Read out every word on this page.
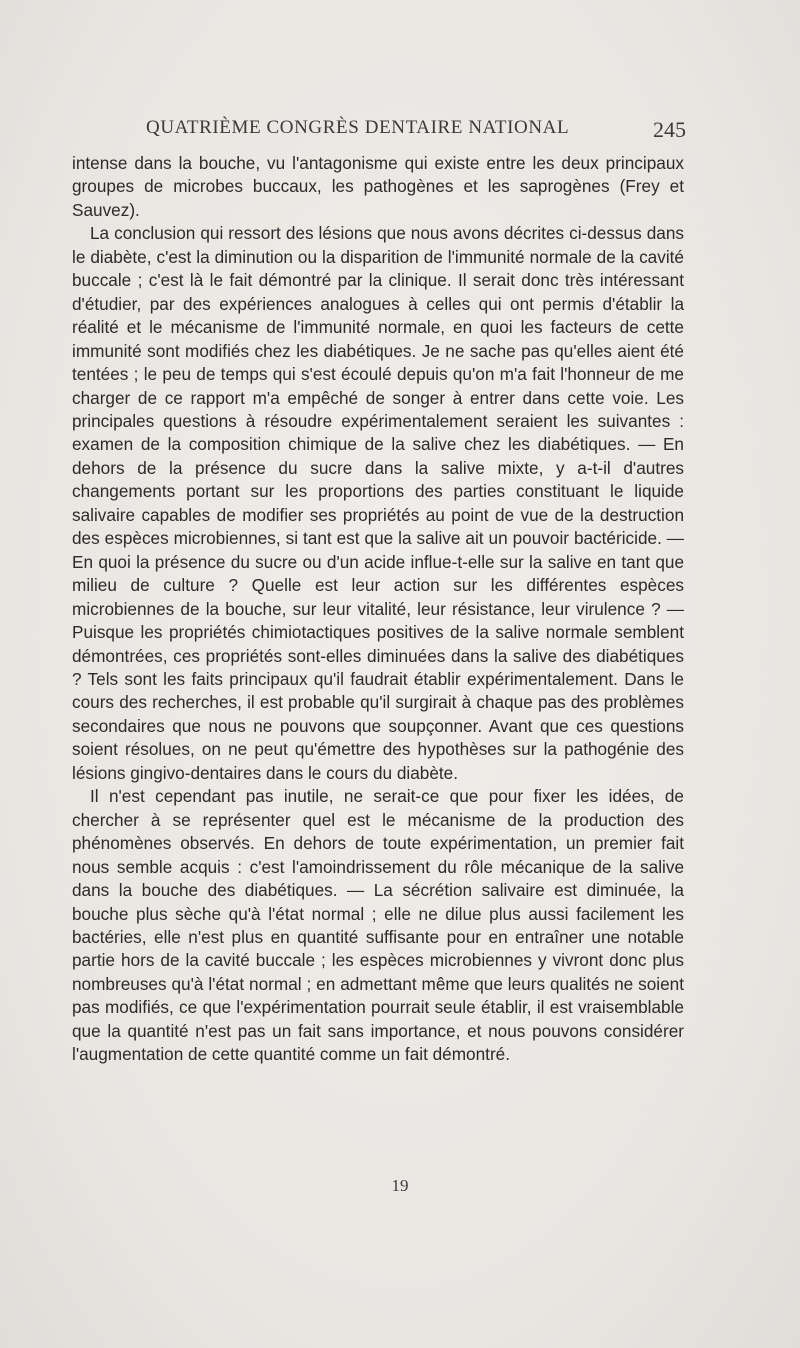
QUATRIÈME CONGRÈS DENTAIRE NATIONAL	245

intense dans la bouche, vu l'antagonisme qui existe entre les deux principaux groupes de microbes buccaux, les pathogènes et les saprogènes (Frey et Sauvez).

La conclusion qui ressort des lésions que nous avons décrites ci-dessus dans le diabète, c'est la diminution ou la disparition de l'immunité normale de la cavité buccale ; c'est là le fait démontré par la clinique. Il serait donc très intéressant d'étudier, par des expériences analogues à celles qui ont permis d'établir la réalité et le mécanisme de l'immunité normale, en quoi les facteurs de cette immunité sont modifiés chez les diabétiques. Je ne sache pas qu'elles aient été tentées ; le peu de temps qui s'est écoulé depuis qu'on m'a fait l'honneur de me charger de ce rapport m'a empêché de songer à entrer dans cette voie. Les principales questions à résoudre expérimentalement seraient les suivantes : examen de la composition chimique de la salive chez les diabétiques. — En dehors de la présence du sucre dans la salive mixte, y a-t-il d'autres changements portant sur les proportions des parties constituant le liquide salivaire capables de modifier ses propriétés au point de vue de la destruction des espèces microbiennes, si tant est que la salive ait un pouvoir bactéricide. — En quoi la présence du sucre ou d'un acide influe-t-elle sur la salive en tant que milieu de culture ? Quelle est leur action sur les différentes espèces microbiennes de la bouche, sur leur vitalité, leur résistance, leur virulence ? — Puisque les propriétés chimiotactiques positives de la salive normale semblent démontrées, ces propriétés sont-elles diminuées dans la salive des diabétiques ? Tels sont les faits principaux qu'il faudrait établir expérimentalement. Dans le cours des recherches, il est probable qu'il surgirait à chaque pas des problèmes secondaires que nous ne pouvons que soupçonner. Avant que ces questions soient résolues, on ne peut qu'émettre des hypothèses sur la pathogénie des lésions gingivo-dentaires dans le cours du diabète.

Il n'est cependant pas inutile, ne serait-ce que pour fixer les idées, de chercher à se représenter quel est le mécanisme de la production des phénomènes observés. En dehors de toute expérimentation, un premier fait nous semble acquis : c'est l'amoindrissement du rôle mécanique de la salive dans la bouche des diabétiques. — La sécrétion salivaire est diminuée, la bouche plus sèche qu'à l'état normal ; elle ne dilue plus aussi facilement les bactéries, elle n'est plus en quantité suffisante pour en entraîner une notable partie hors de la cavité buccale ; les espèces microbiennes y vivront donc plus nombreuses qu'à l'état normal ; en admettant même que leurs qualités ne soient pas modifiés, ce que l'expérimentation pourrait seule établir, il est vraisemblable que la quantité n'est pas un fait sans importance, et nous pouvons considérer l'augmentation de cette quantité comme un fait démontré.

19
